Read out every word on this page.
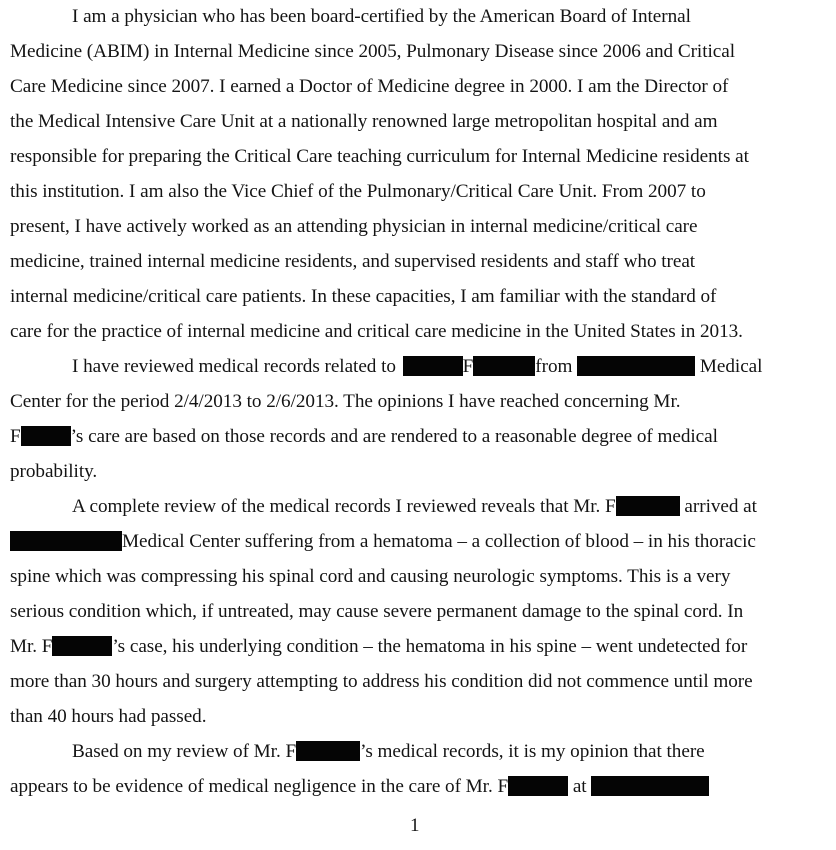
I am a physician who has been board-certified by the American Board of Internal
Medicine (ABIM) in Internal Medicine since 2005, Pulmonary Disease since 2006 and Critical
Care Medicine since 2007. I earned a Doctor of Medicine degree in 2000. I am the Director of
the Medical Intensive Care Unit at a nationally renowned large metropolitan hospital and am
responsible for preparing the Critical Care teaching curriculum for Internal Medicine residents at
this institution. I am also the Vice Chief of the Pulmonary/Critical Care Unit. From 2007 to
present, I have actively worked as an attending physician in internal medicine/critical care
medicine, trained internal medicine residents, and supervised residents and staff who treat
internal medicine/critical care patients. In these capacities, I am familiar with the standard of
care for the practice of internal medicine and critical care medicine in the United States in 2013.
I have reviewed medical records related to	F	from	Medical
Center for the period 2/4/2013 to 2/6/2013. The opinions I have reached concerning Mr.
F	’s care are based on those records and are rendered to a reasonable degree of medical
probability.
A complete review of the medical records I reviewed reveals that Mr. F	arrived at
Medical Center suffering from a hematoma – a collection of blood – in his thoracic
spine which was compressing his spinal cord and causing neurologic symptoms. This is a very
serious condition which, if untreated, may cause severe permanent damage to the spinal cord. In
Mr. F	’s case, his underlying condition – the hematoma in his spine – went undetected for
more than 30 hours and surgery attempting to address his condition did not commence until more
than 40 hours had passed.
Based on my review of Mr. F	’s medical records, it is my opinion that there
appears to be evidence of medical negligence in the care of Mr. F	at
1
